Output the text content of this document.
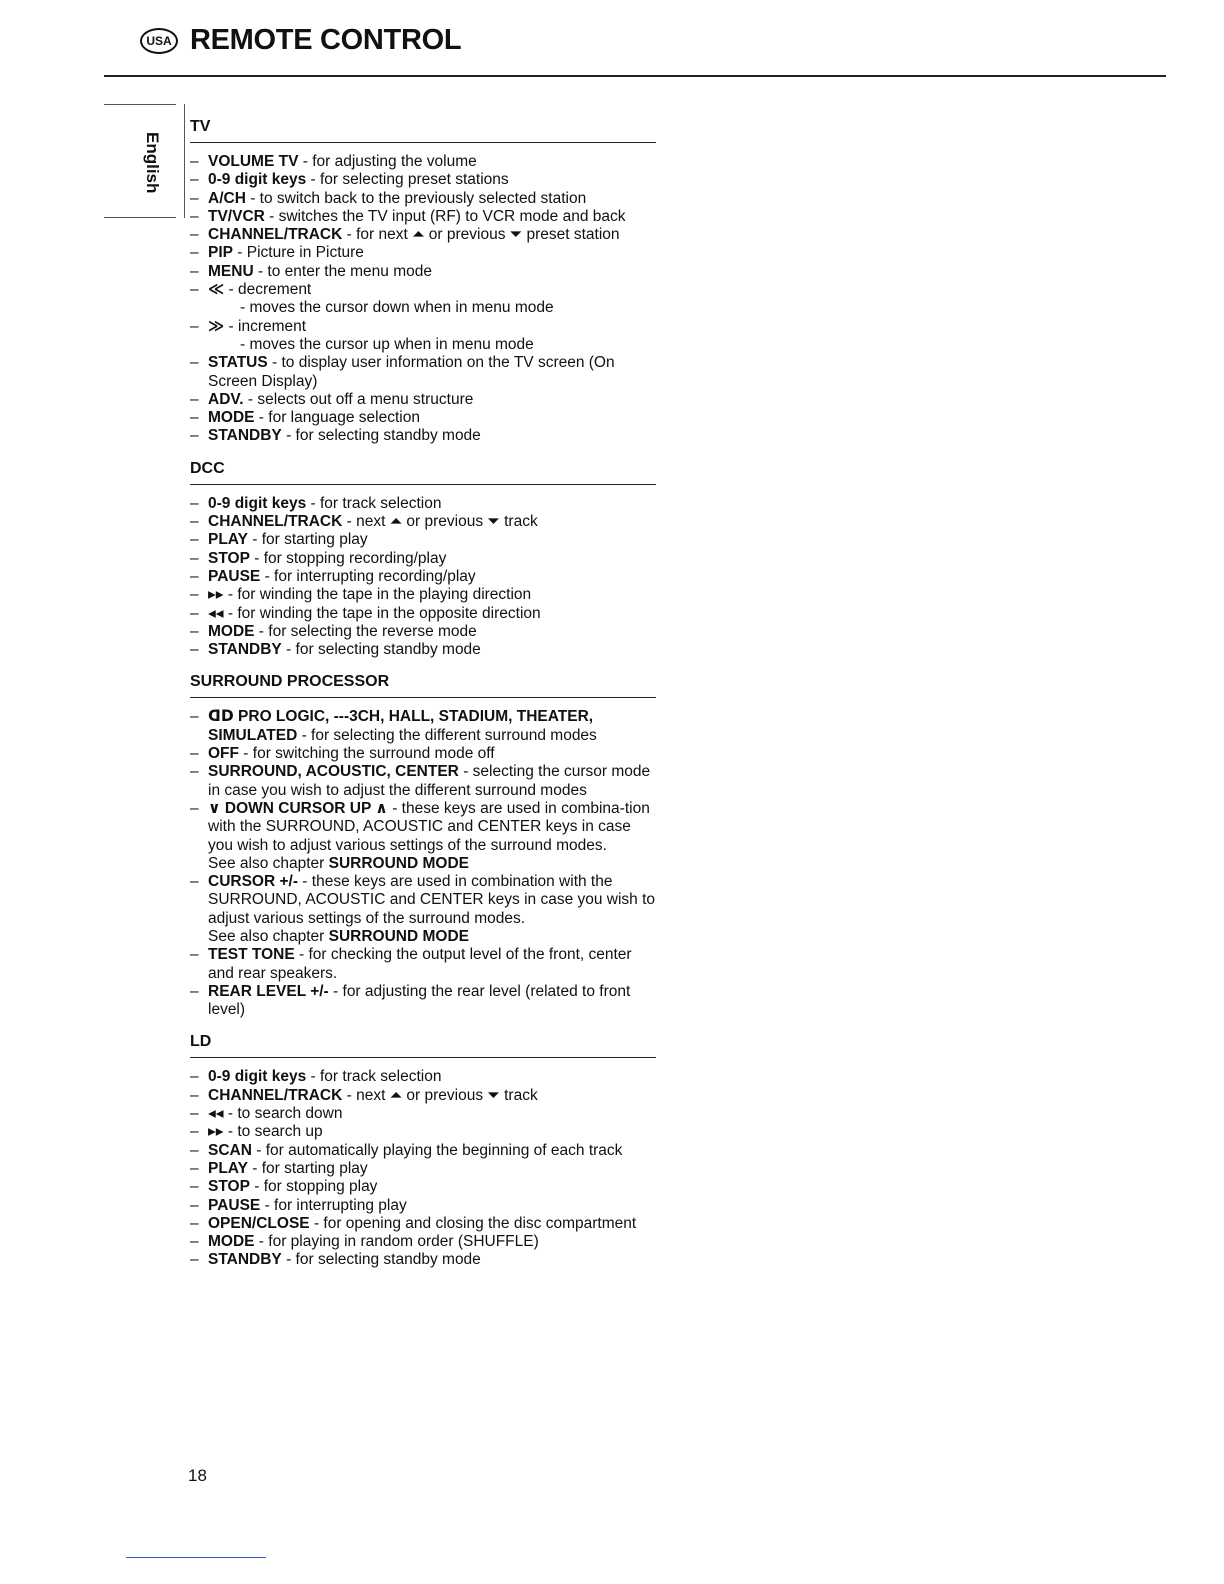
USA REMOTE CONTROL
English
TV
– VOLUME TV - for adjusting the volume
– 0-9 digit keys - for selecting preset stations
– A/CH - to switch back to the previously selected station
– TV/VCR - switches the TV input (RF) to VCR mode and back
– CHANNEL/TRACK - for next ⏶ or previous ⏷ preset station
– PIP - Picture in Picture
– MENU - to enter the menu mode
– ≪ - decrement
- moves the cursor down when in menu mode
– ≫ - increment
- moves the cursor up when in menu mode
– STATUS - to display user information on the TV screen (On Screen Display)
– ADV. - selects out off a menu structure
– MODE - for language selection
– STANDBY - for selecting standby mode
DCC
– 0-9 digit keys - for track selection
– CHANNEL/TRACK - next ⏶ or previous ⏷ track
– PLAY - for starting play
– STOP - for stopping recording/play
– PAUSE - for interrupting recording/play
– ▸▸ - for winding the tape in the playing direction
– ◂◂ - for winding the tape in the opposite direction
– MODE - for selecting the reverse mode
– STANDBY - for selecting standby mode
SURROUND PROCESSOR
– ᗡᗞ PRO LOGIC, ---3CH, HALL, STADIUM, THEATER, SIMULATED - for selecting the different surround modes
– OFF - for switching the surround mode off
– SURROUND, ACOUSTIC, CENTER - selecting the cursor mode in case you wish to adjust the different surround modes
– ∨ DOWN CURSOR UP ∧ - these keys are used in combina-tion with the SURROUND, ACOUSTIC and CENTER keys in case you wish to adjust various settings of the surround modes.
See also chapter SURROUND MODE
– CURSOR +/- - these keys are used in combination with the SURROUND, ACOUSTIC and CENTER keys in case you wish to adjust various settings of the surround modes.
See also chapter SURROUND MODE
– TEST TONE - for checking the output level of the front, center and rear speakers.
– REAR LEVEL +/- - for adjusting the rear level (related to front level)
LD
– 0-9 digit keys - for track selection
– CHANNEL/TRACK - next ⏶ or previous ⏷ track
– ◂◂ - to search down
– ▸▸ - to search up
– SCAN - for automatically playing the beginning of each track
– PLAY - for starting play
– STOP - for stopping play
– PAUSE - for interrupting play
– OPEN/CLOSE - for opening and closing the disc compartment
– MODE - for playing in random order (SHUFFLE)
– STANDBY - for selecting standby mode
18
